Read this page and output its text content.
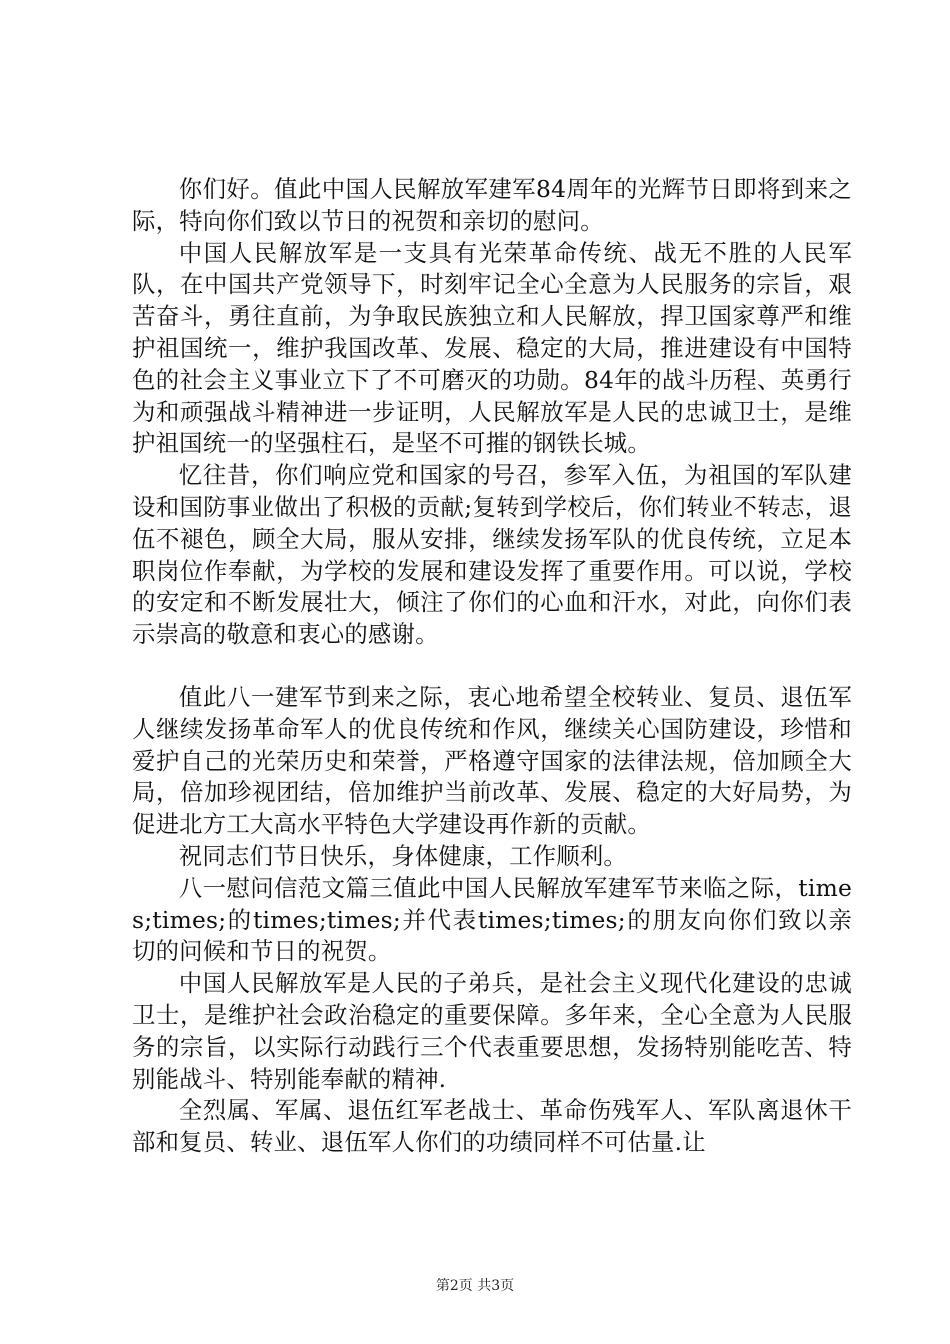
你们好。值此中国人民解放军建军84周年的光辉节日即将到来之际，特向你们致以节日的祝贺和亲切的慰问。

中国人民解放军是一支具有光荣革命传统、战无不胜的人民军队，在中国共产党领导下，时刻牢记全心全意为人民服务的宗旨，艰苦奋斗，勇往直前，为争取民族独立和人民解放，捍卫国家尊严和维护祖国统一，维护我国改革、发展、稳定的大局，推进建设有中国特色的社会主义事业立下了不可磨灭的功勋。84年的战斗历程、英勇行为和顽强战斗精神进一步证明，人民解放军是人民的忠诚卫士，是维护祖国统一的坚强柱石，是坚不可摧的钢铁长城。

忆往昔，你们响应党和国家的号召，参军入伍，为祖国的军队建设和国防事业做出了积极的贡献;复转到学校后，你们转业不转志，退伍不褪色，顾全大局，服从安排，继续发扬军队的优良传统，立足本职岗位作奉献，为学校的发展和建设发挥了重要作用。可以说，学校的安定和不断发展壮大，倾注了你们的心血和汗水，对此，向你们表示崇高的敬意和衷心的感谢。

值此八一建军节到来之际，衷心地希望全校转业、复员、退伍军人继续发扬革命军人的优良传统和作风，继续关心国防建设，珍惜和爱护自己的光荣历史和荣誉，严格遵守国家的法律法规，倍加顾全大局，倍加珍视团结，倍加维护当前改革、发展、稳定的大好局势，为促进北方工大高水平特色大学建设再作新的贡献。

祝同志们节日快乐，身体健康，工作顺利。

八一慰问信范文篇三值此中国人民解放军建军节来临之际，times;times;的times;times;并代表times;times;的朋友向你们致以亲切的问候和节日的祝贺。

中国人民解放军是人民的子弟兵，是社会主义现代化建设的忠诚卫士，是维护社会政治稳定的重要保障。多年来，全心全意为人民服务的宗旨，以实际行动践行三个代表重要思想，发扬特别能吃苦、特别能战斗、特别能奉献的精神.

全烈属、军属、退伍红军老战士、革命伤残军人、军队离退休干部和复员、转业、退伍军人你们的功绩同样不可估量.让

第2页 共3页
